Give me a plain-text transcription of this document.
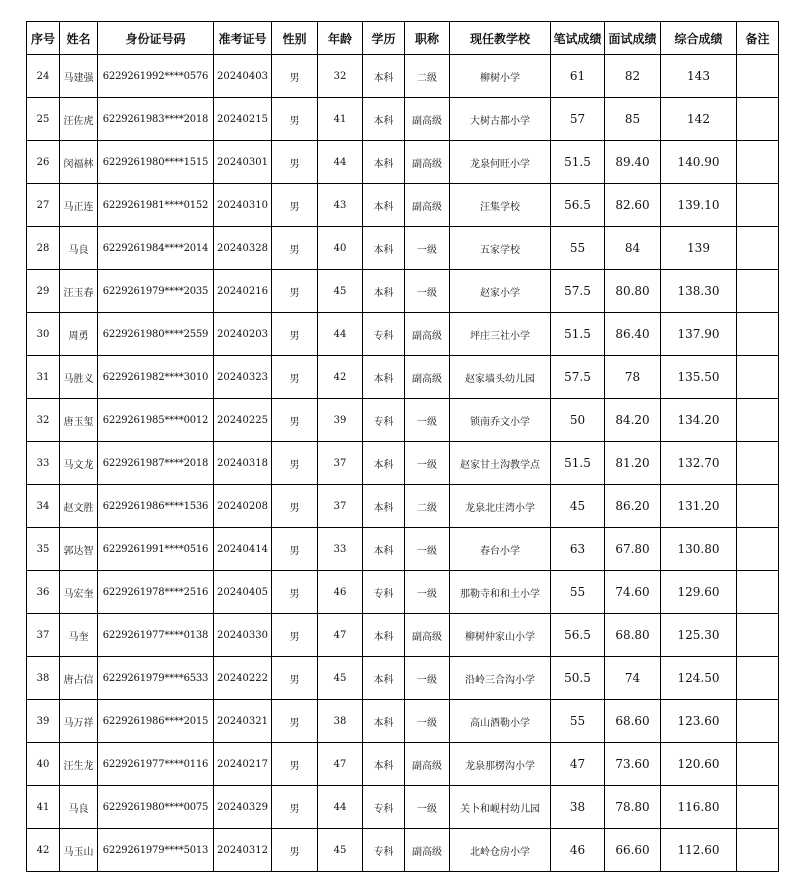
序号	姓名	身份证号码	准考证号	性别	年龄	学历	职称	现任教学校	笔试成绩	面试成绩	综合成绩	备注
24	马建强	6229261992****0576	20240403	男	32	本科	二级	柳树小学	61	82	143	
25	汪佐虎	6229261983****2018	20240215	男	41	本科	副高级	大树古都小学	57	85	142	
26	闵福林	6229261980****1515	20240301	男	44	本科	副高级	龙泉何旺小学	51.5	89.40	140.90	
27	马正连	6229261981****0152	20240310	男	43	本科	副高级	汪集学校	56.5	82.60	139.10	
28	马良	6229261984****2014	20240328	男	40	本科	一级	五家学校	55	84	139	
29	汪玉春	6229261979****2035	20240216	男	45	本科	一级	赵家小学	57.5	80.80	138.30	
30	周勇	6229261980****2559	20240203	男	44	专科	副高级	坪庄三社小学	51.5	86.40	137.90	
31	马胜义	6229261982****3010	20240323	男	42	本科	副高级	赵家墙头幼儿园	57.5	78	135.50	
32	唐玉玺	6229261985****0012	20240225	男	39	专科	一级	锁南乔文小学	50	84.20	134.20	
33	马文龙	6229261987****2018	20240318	男	37	本科	一级	赵家甘土沟教学点	51.5	81.20	132.70	
34	赵文胜	6229261986****1536	20240208	男	37	本科	二级	龙泉北庄湾小学	45	86.20	131.20	
35	郭达智	6229261991****0516	20240414	男	33	本科	一级	春台小学	63	67.80	130.80	
36	马宏奎	6229261978****2516	20240405	男	46	专科	一级	那勒寺和和土小学	55	74.60	129.60	
37	马奎	6229261977****0138	20240330	男	47	本科	副高级	柳树仲家山小学	56.5	68.80	125.30	
38	唐占信	6229261979****6533	20240222	男	45	本科	一级	沿岭三合沟小学	50.5	74	124.50	
39	马万祥	6229261986****2015	20240321	男	38	本科	一级	高山酒勒小学	55	68.60	123.60	
40	汪生龙	6229261977****0116	20240217	男	47	本科	副高级	龙泉那楞沟小学	47	73.60	120.60	
41	马良	6229261980****0075	20240329	男	44	专科	一级	关卜和岘村幼儿园	38	78.80	116.80	
42	马玉山	6229261979****5013	20240312	男	45	专科	副高级	北岭仓房小学	46	66.60	112.60	
